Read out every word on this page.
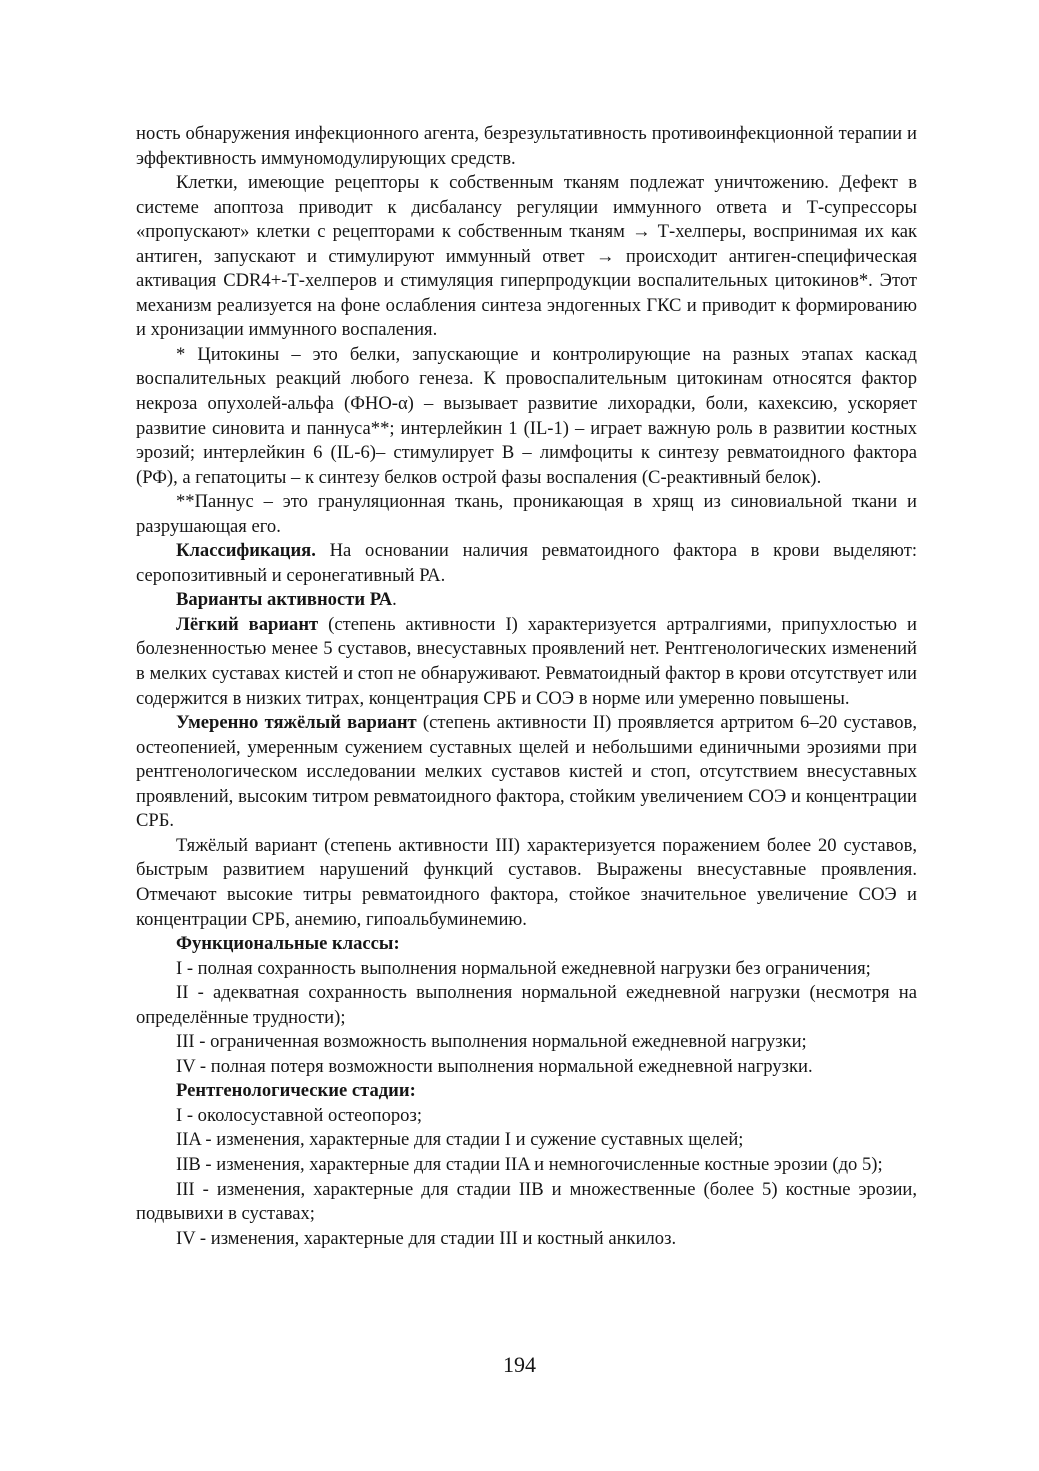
ность обнаружения инфекционного агента, безрезультативность противоинфекционной терапии и эффективность иммуномодулирующих средств.

Клетки, имеющие рецепторы к собственным тканям подлежат уничтожению. Дефект в системе апоптоза приводит к дисбалансу регуляции иммунного ответа и Т-супрессоры «пропускают» клетки с рецепторами к собственным тканям → Т-хелперы, воспринимая их как антиген, запускают и стимулируют иммунный ответ → происходит антиген-специфическая активация CDR4+-Т-хелперов и стимуляция гиперпродукции воспалительных цитокинов*. Этот механизм реализуется на фоне ослабления синтеза эндогенных ГКС и приводит к формированию и хронизации иммунного воспаления.

* Цитокины – это белки, запускающие и контролирующие на разных этапах каскад воспалительных реакций любого генеза. К провоспалительным цитокинам относятся фактор некроза опухолей-альфа (ФНО-α) – вызывает развитие лихорадки, боли, кахексию, ускоряет развитие синовита и паннуса**; интерлейкин 1 (IL-1) – играет важную роль в развитии костных эрозий; интерлейкин 6 (IL-6)– стимулирует В – лимфоциты к синтезу ревматоидного фактора (РФ), а гепатоциты – к синтезу белков острой фазы воспаления (С-реактивный белок).

**Паннус – это грануляционная ткань, проникающая в хрящ из синовиальной ткани и разрушающая его.

Классификация. На основании наличия ревматоидного фактора в крови выделяют: серопозитивный и серонегативный РА.

Варианты активности РА.

Лёгкий вариант (степень активности I) характеризуется артралгиями, припухлостью и болезненностью менее 5 суставов, внесуставных проявлений нет. Рентгенологических изменений в мелких суставах кистей и стоп не обнаруживают. Ревматоидный фактор в крови отсутствует или содержится в низких титрах, концентрация СРБ и СОЭ в норме или умеренно повышены.

Умеренно тяжёлый вариант (степень активности II) проявляется артритом 6–20 суставов, остеопенией, умеренным сужением суставных щелей и небольшими единичными эрозиями при рентгенологическом исследовании мелких суставов кистей и стоп, отсутствием внесуставных проявлений, высоким титром ревматоидного фактора, стойким увеличением СОЭ и концентрации СРБ.

Тяжёлый вариант (степень активности III) характеризуется поражением более 20 суставов, быстрым развитием нарушений функций суставов. Выражены внесуставные проявления. Отмечают высокие титры ревматоидного фактора, стойкое значительное увеличение СОЭ и концентрации СРБ, анемию, гипоальбуминемию.

Функциональные классы:

I - полная сохранность выполнения нормальной ежедневной нагрузки без ограничения;

II - адекватная сохранность выполнения нормальной ежедневной нагрузки (несмотря на определённые трудности);

III - ограниченная возможность выполнения нормальной ежедневной нагрузки;

IV - полная потеря возможности выполнения нормальной ежедневной нагрузки.

Рентгенологические стадии:

I - околосуставной остеопороз;

IIA - изменения, характерные для стадии I и сужение суставных щелей;

IIB - изменения, характерные для стадии IIA и немногочисленные костные эрозии (до 5);

III - изменения, характерные для стадии IIB и множественные (более 5) костные эрозии, подвывихи в суставах;

IV - изменения, характерные для стадии III и костный анкилоз.

194
